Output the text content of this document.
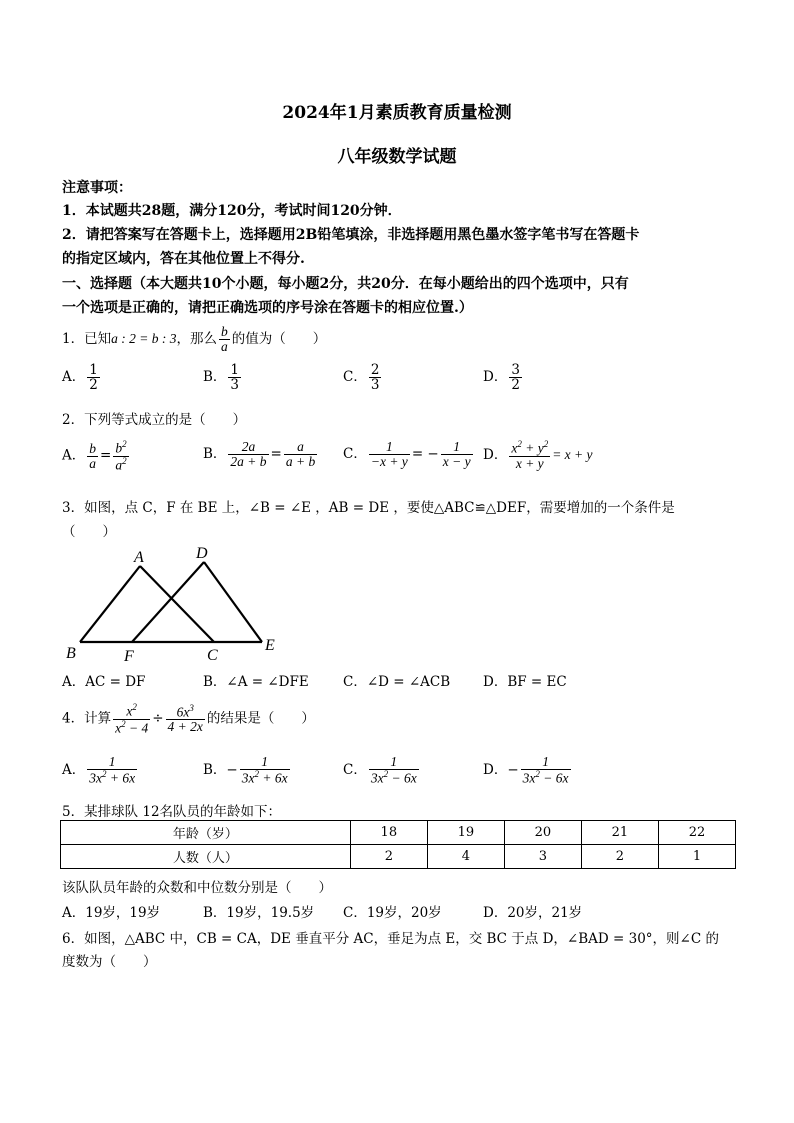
2024年1月素质教育质量检测
八年级数学试题
注意事项：
1．本试题共28题，满分120分，考试时间120分钟．
2．请把答案写在答题卡上，选择题用2B铅笔填涂，非选择题用黑色墨水签字笔书写在答题卡
的指定区域内，答在其他位置上不得分.
一、选择题（本大题共10个小题，每小题2分，共20分．在每小题给出的四个选项中，只有
一个选项是正确的，请把正确选项的序号涂在答题卡的相应位置.）
1．已知a : 2 = b : 3，那么 $\frac{b}{a}$ 的值为（　　）
A． $\frac{1}{2}$	B． $\frac{1}{3}$	C． $\frac{2}{3}$	D． $\frac{3}{2}$
2．下列等式成立的是（　　）
A． $\frac{b}{a} = \frac{b^2}{a^2}$	B． $\frac{2a}{2a + b} = \frac{a}{a + b}$ C． $\frac{1}{-x + y}$ = − $\frac{1}{x - y}$ D． $\frac{x^2 + y^2}{x + y} = x + y$
3．如图，点 C，F 在 BE 上，∠B = ∠E ，AB = DE ，要使△ABC≌△DEF，需要增加的一个条件是
（　　）
A	D
B	F	C
E
A．AC = DF	B．∠A = ∠DFE	C．∠D = ∠ACB D．BF = EC
4．计算 $\frac{x^2}{x^2 - 4} \div \frac{6x^3}{4 + 2x}$ 的结果是（　　）
A． $\frac{1}{3x^2 + 6x}$	B．− $\frac{1}{3x^2 + 6x}$	C． $\frac{1}{3x^2 - 6x}$	D．− $\frac{1}{3x^2 - 6x}$
5．某排球队 12名队员的年龄如下：
年龄（岁）	18	19	20	21	22
人数（人）	2	4	3	2	1
该队队员年龄的众数和中位数分别是（　　）
A．19岁，19岁	B．19岁，19.5岁 C．19岁，20岁	D．20岁，21岁
6．如图，△ABC 中，CB = CA，DE 垂直平分 AC，垂足为点 E，交 BC 于点 D，∠BAD = 30°，则∠C 的
度数为（　　）
